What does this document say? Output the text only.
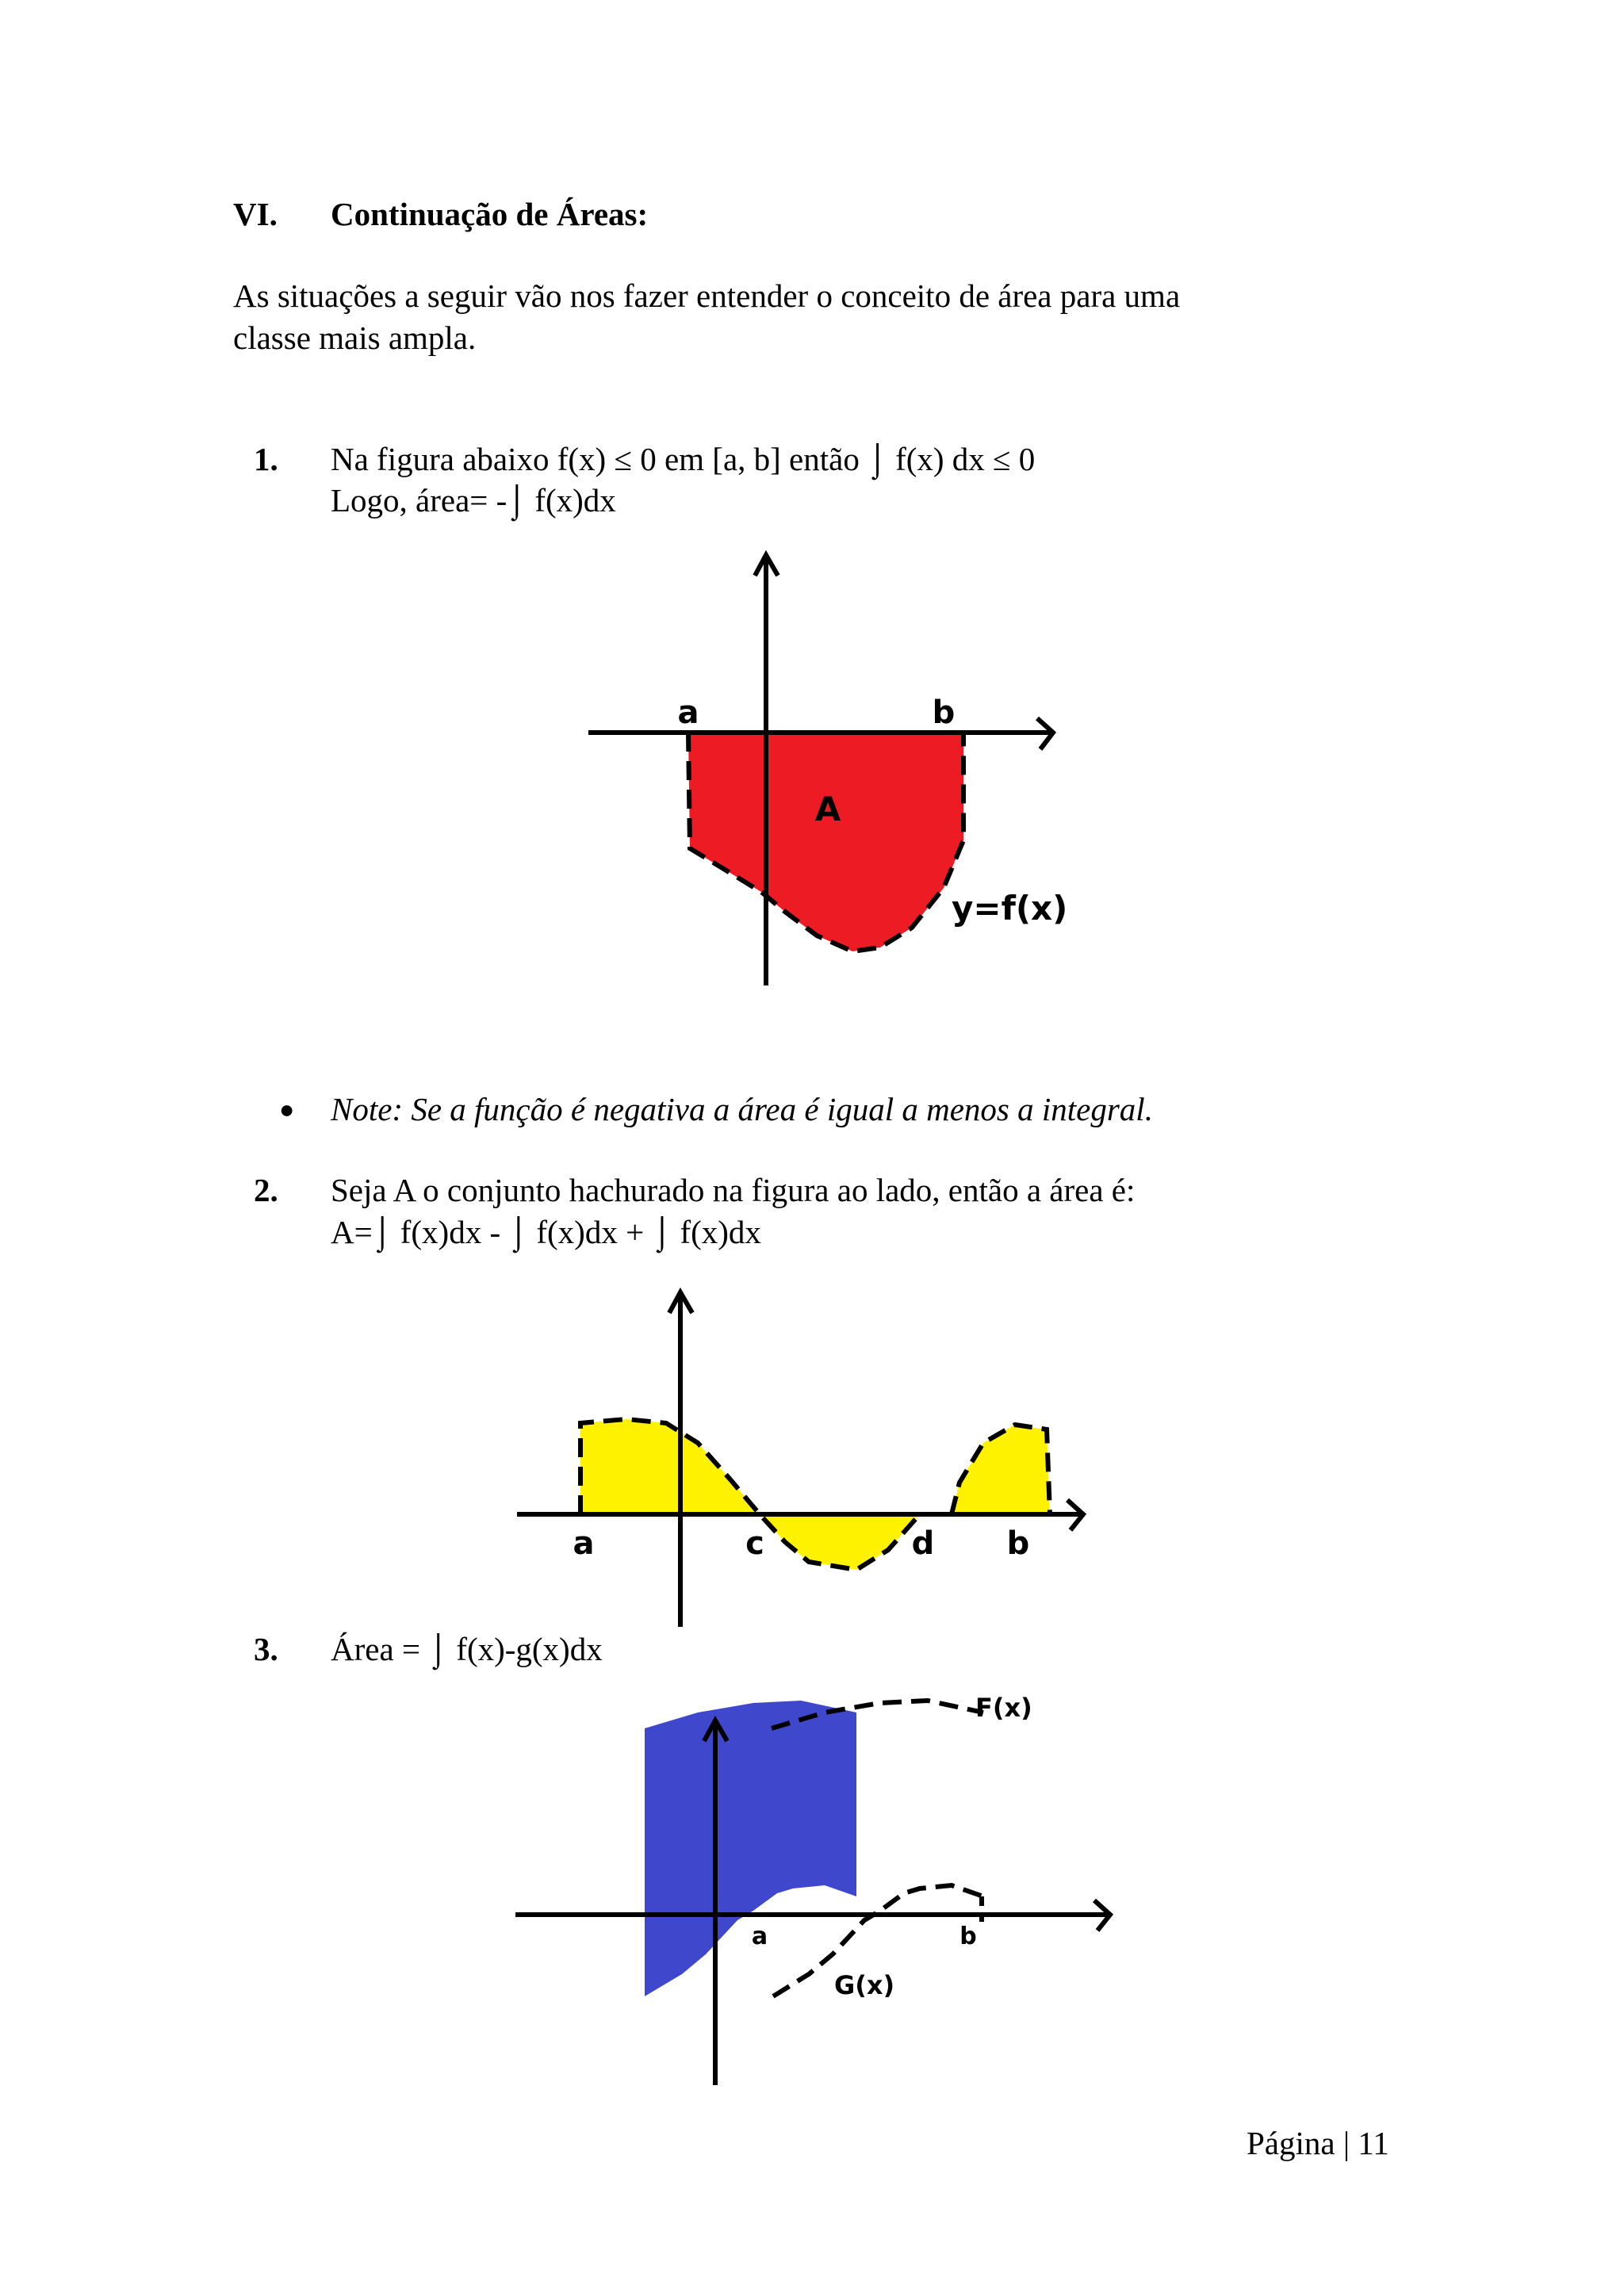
VI. Continuação de Áreas:
As situações a seguir vão nos fazer entender o conceito de área para uma
classe mais ampla.
1. Na figura abaixo f(x) ≤ 0 em [a, b] então ⌡ f(x) dx ≤ 0
Logo, área= -⌡ f(x)dx
a	b
A
y=f(x)
● Note: Se a função é negativa a área é igual a menos a integral.
2. Seja A o conjunto hachurado na figura ao lado, então a área é:
A=⌡ f(x)dx - ⌡ f(x)dx + ⌡ f(x)dx
a	c	d b
3. Área = ⌡ f(x)-g(x)dx
F(x)
G(x)
a	b
Página | 11
